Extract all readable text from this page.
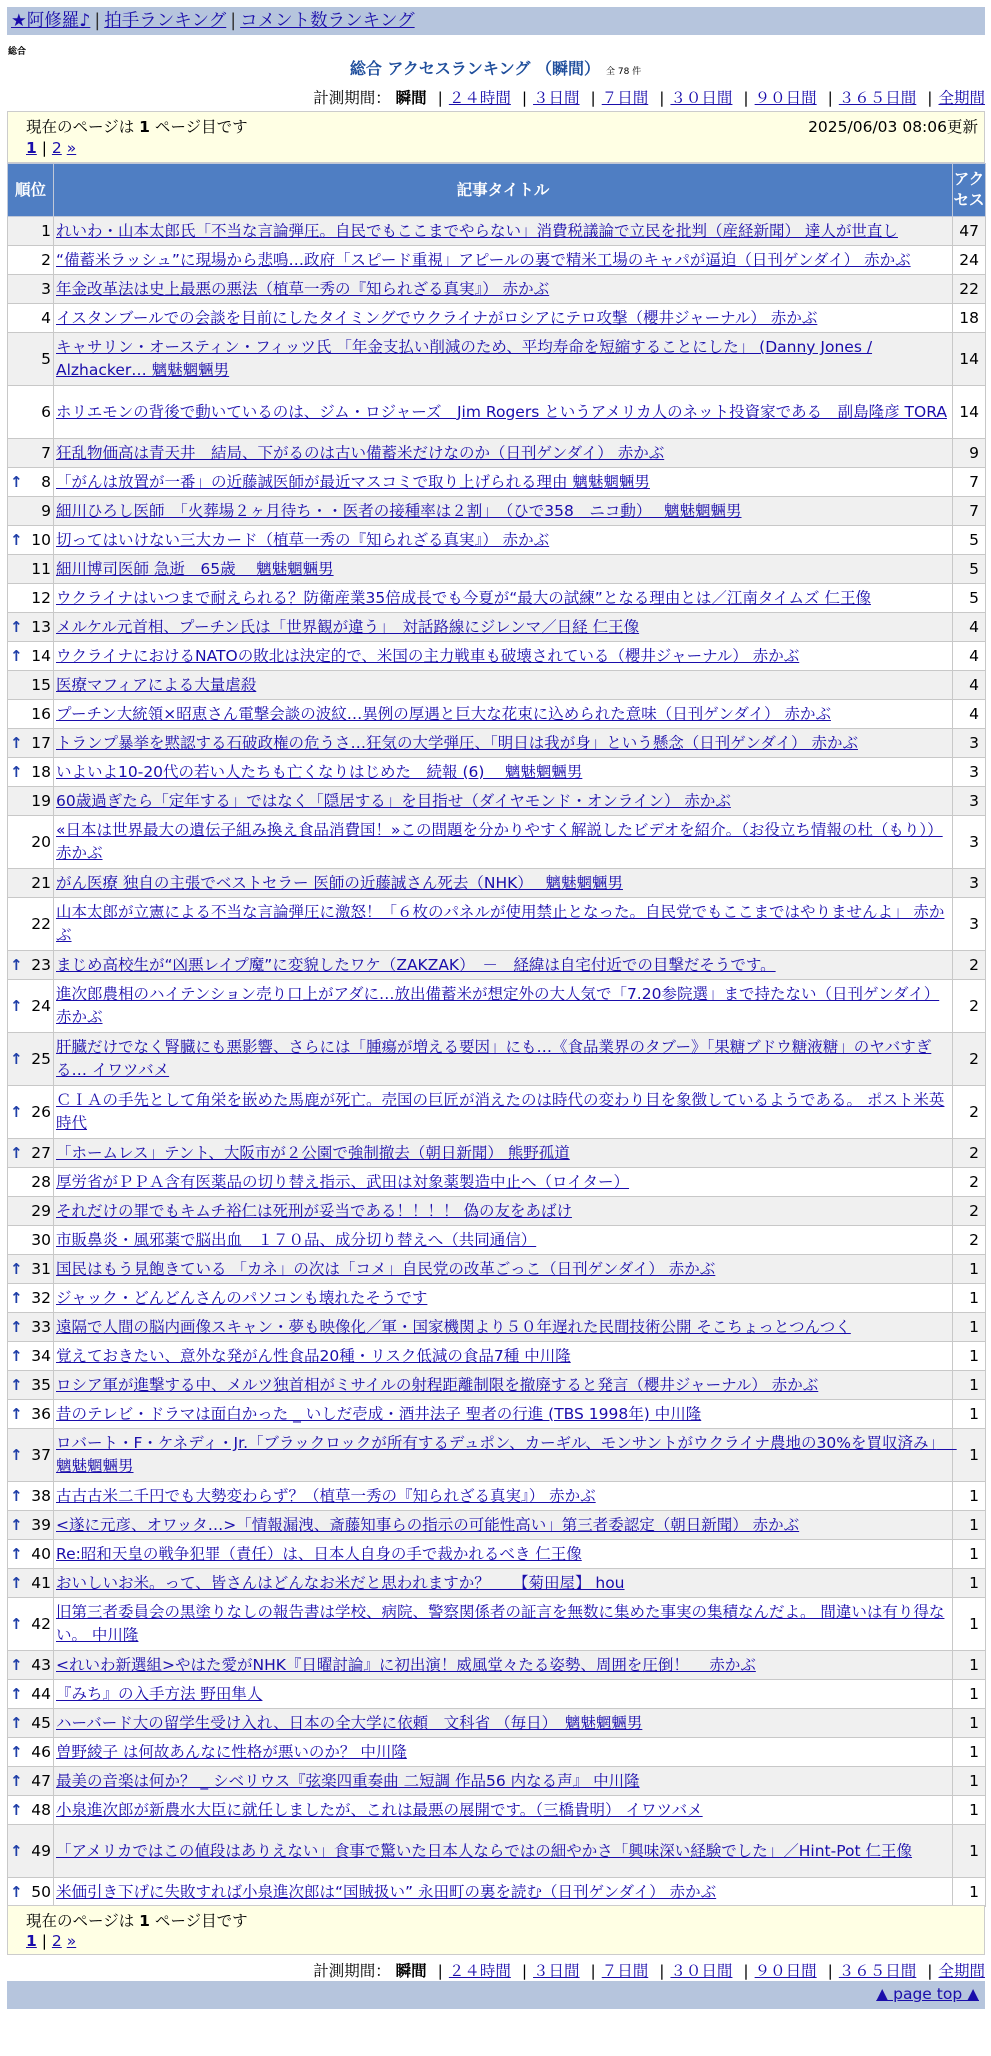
★阿修羅♪ | 拍手ランキング | コメント数ランキング
総合
総合 アクセスランキング （瞬間） 全 78 件
計測期間： 瞬間 | ２４時間 | ３日間 | ７日間 | ３０日間 | ９０日間 | ３６５日間 | 全期間
現在のページは 1 ページ目です	2025/06/03 08:06更新
1 | 2 »
順位	記事タイトル	アクセス
1	れいわ・山本太郎氏「不当な言論弾圧。自民でもここまでやらない」消費税議論で立民を批判（産経新聞） 達人が世直し	47
2	“備蓄米ラッシュ”に現場から悲鳴…政府「スピード重視」アピールの裏で精米工場のキャパが逼迫（日刊ゲンダイ） 赤かぶ	24
3	年金改革法は史上最悪の悪法（植草一秀の『知られざる真実』） 赤かぶ	22
4	イスタンブールでの会談を目前にしたタイミングでウクライナがロシアにテロ攻撃（櫻井ジャーナル） 赤かぶ	18
5	キャサリン・オースティン・フィッツ氏 「年金支払い削減のため、平均寿命を短縮することにした」 (Danny Jones / Alzhacker… 魑魅魍魎男	14
6	ホリエモンの背後で動いているのは、ジム・ロジャーズ　Jim Rogers というアメリカ人のネット投資家である　副島隆彦 TORA	14
7	狂乱物価高は青天井　結局、下がるのは古い備蓄米だけなのか（日刊ゲンダイ） 赤かぶ	9

↑ 8	「がんは放置が一番」の近藤誠医師が最近マスコミで取り上げられる理由 魑魅魍魎男	7
9	細川ひろし医師　「火葬場２ヶ月待ち・・医者の接種率は２割」　（ひで358　ニコ動）　 魑魅魍魎男	7

↑ 10	切ってはいけない三大カード（植草一秀の『知られざる真実』） 赤かぶ	5
11	細川博司医師 急逝　65歳　 魑魅魍魎男	5
12	ウクライナはいつまで耐えられる？防衛産業35倍成長でも今夏が“最大の試練”となる理由とは／江南タイムズ 仁王像	5

↑ 13	メルケル元首相、プーチン氏は「世界観が違う」　対話路線にジレンマ／日経 仁王像	4

↑ 14	ウクライナにおけるNATOの敗北は決定的で、米国の主力戦車も破壊されている（櫻井ジャーナル） 赤かぶ	4
15	医療マフィアによる大量虐殺	4
16	プーチン大統領×昭恵さん電撃会談の波紋…異例の厚遇と巨大な花束に込められた意味（日刊ゲンダイ） 赤かぶ	4

↑ 17	トランプ暴挙を黙認する石破政権の危うさ…狂気の大学弾圧、「明日は我が身」という懸念（日刊ゲンダイ） 赤かぶ	3

↑ 18	いよいよ10-20代の若い人たちも亡くなりはじめた　続報 (6)　 魑魅魍魎男	3
19	60歳過ぎたら「定年する」ではなく「隠居する」を目指せ（ダイヤモンド・オンライン） 赤かぶ	3
20	«日本は世界最大の遺伝子組み換え食品消費国！»この問題を分かりやすく解説したビデオを紹介。（お役立ち情報の杜（もり）） 赤かぶ	3
21	がん医療 独自の主張でベストセラー 医師の近藤誠さん死去（NHK）　 魑魅魍魎男	3
22	山本太郎が立憲による不当な言論弾圧に激怒！「６枚のパネルが使用禁止となった。自民党でもここまではやりませんよ」 赤かぶ	3

↑ 23	まじめ高校生が“凶悪レイプ魔”に変貌したワケ（ZAKZAK）　－　経緯は自宅付近での目撃だそうです。	2

↑ 24	進次郎農相のハイテンション売り口上がアダに…放出備蓄米が想定外の大人気で「7.20参院選」まで持たない（日刊ゲンダイ） 赤かぶ	2

↑ 25	肝臓だけでなく腎臓にも悪影響、さらには「腫瘍が増える要因」にも…《食品業界のタブー》「果糖ブドウ糖液糖」のヤバすぎる… イワツバメ	2

↑ 26	ＣＩＡの手先として角栄を嵌めた馬鹿が死亡。売国の巨匠が消えたのは時代の変わり目を象徴しているようである。 ポスト米英時代	2

↑ 27	「ホームレス」テント、大阪市が２公園で強制撤去（朝日新聞） 熊野孤道	2
28	厚労省がＰＰＡ含有医薬品の切り替え指示、武田は対象薬製造中止へ（ロイター）	2
29	それだけの罪でもキムチ裕仁は死刑が妥当である！！！！ 偽の友をあばけ	2
30	市販鼻炎・風邪薬で脳出血　１７０品、成分切り替えへ（共同通信）	2

↑ 31	国民はもう見飽きている 「カネ」の次は「コメ」自民党の改革ごっこ（日刊ゲンダイ） 赤かぶ	1

↑ 32	ジャック・どんどんさんのパソコンも壊れたそうです	1

↑ 33	遠隔で人間の脳内画像スキャン・夢も映像化／軍・国家機関より５０年遅れた民間技術公開 そこちょっとつんつく	1

↑ 34	覚えておきたい、意外な発がん性食品20種・リスク低減の食品7種 中川隆	1

↑ 35	ロシア軍が進撃する中、メルツ独首相がミサイルの射程距離制限を撤廃すると発言（櫻井ジャーナル） 赤かぶ	1

↑ 36	昔のテレビ・ドラマは面白かった _ いしだ壱成・酒井法子 聖者の行進 (TBS 1998年) 中川隆	1

↑ 37	ロバート・F・ケネディ・Jr.「ブラックロックが所有するデュポン、カーギル、モンサントがウクライナ農地の30%を買収済み」　 魑魅魍魎男	1

↑ 38	古古古米二千円でも大勢変わらず？（植草一秀の『知られざる真実』） 赤かぶ	1

↑ 39	<遂に元彦、オワッタ…>「情報漏洩、斎藤知事らの指示の可能性高い」第三者委認定（朝日新聞） 赤かぶ	1

↑ 40	Re:昭和天皇の戦争犯罪（責任）は、日本人自身の手で裁かれるべき 仁王像	1

↑ 41	おいしいお米。って、皆さんはどんなお米だと思われますか？　　【菊田屋】 hou	1

↑ 42	旧第三者委員会の黒塗りなしの報告書は学校、病院、警察関係者の証言を無数に集めた事実の集積なんだよ。 間違いは有り得ない。 中川隆	1

↑ 43	<れいわ新選組>やはた愛がNHK『日曜討論』に初出演！威風堂々たる姿勢、周囲を圧倒！　 赤かぶ	1

↑ 44	『みち』の入手方法 野田隼人	1

↑ 45	ハーバード大の留学生受け入れ、日本の全大学に依頼　文科省 （毎日）　魑魅魍魎男	1

↑ 46	曽野綾子 は何故あんなに性格が悪いのか？ 中川隆	1

↑ 47	最美の音楽は何か？ _ シベリウス『弦楽四重奏曲 二短調 作品56 内なる声』 中川隆	1

↑ 48	小泉進次郎が新農水大臣に就任しましたが、これは最悪の展開です。（三橋貴明） イワツバメ	1

↑ 49	「アメリカではこの値段はありえない」食事で驚いた日本人ならではの細やかさ「興味深い経験でした」／Hint-Pot 仁王像	1

↑ 50	米価引き下げに失敗すれば小泉進次郎は“国賊扱い” 永田町の裏を読む（日刊ゲンダイ） 赤かぶ	1
現在のページは 1 ページ目です
1 | 2 »
計測期間： 瞬間 | ２４時間 | ３日間 | ７日間 | ３０日間 | ９０日間 | ３６５日間 | 全期間
▲ page top ▲
